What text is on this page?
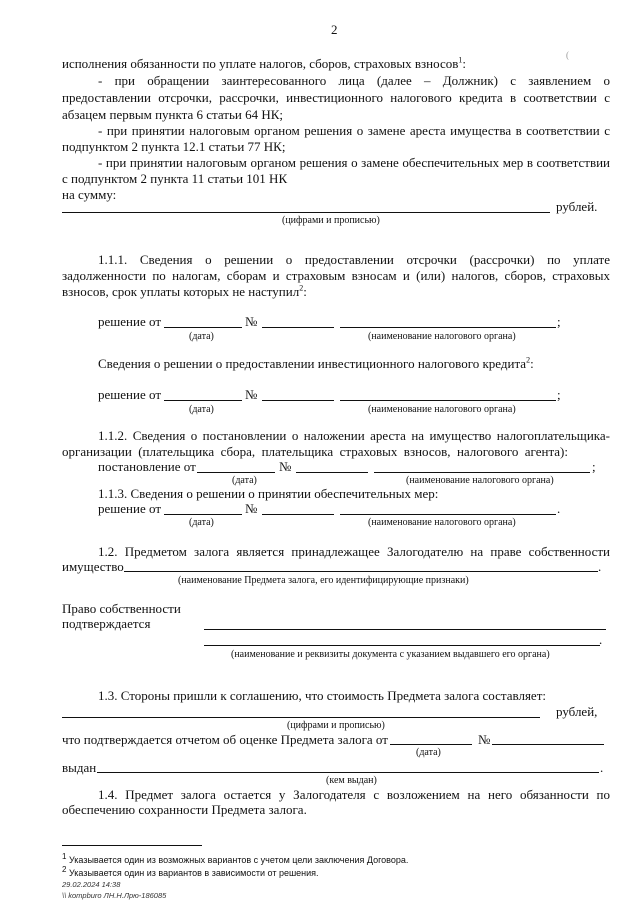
2
(
исполнения обязанности по уплате налогов, сборов, страховых взносов$^1$:
- при обращении заинтересованного лица (далее – Должник) с заявлением о
предоставлении отсрочки, рассрочки, инвестиционного налогового кредита в соответствии с
абзацем первым пункта 6 статьи 64 НК;
- при принятии налоговым органом решения о замене ареста имущества в соответствии с
подпунктом 2 пункта 12.1 статьи 77 НК;
- при принятии налоговым органом решения о замене обеспечительных мер в соответствии
с подпунктом 2 пункта 11 статьи 101 НК
на сумму:
рублей.
(цифрами и прописью)
1.1.1. Сведения о решении о предоставлении отсрочки (рассрочки) по уплате
задолженности по налогам, сборам и страховым взносам и (или) налогов, сборов, страховых
взносов, срок уплаты которых не наступил$^2$:
решение от	№	;
(дата)	(наименование налогового органа)
Сведения о решении о предоставлении инвестиционного налогового кредита$^2$:
решение от	№	;
(дата)	(наименование налогового органа)
1.1.2. Сведения о постановлении о наложении ареста на имущество налогоплательщика-
организации (плательщика сбора, плательщика страховых взносов, налогового агента):
постановление от	№	;
(дата)	(наименование налогового органа)
1.1.3. Сведения о решении о принятии обеспечительных мер:
решение от	№	.
(дата)	(наименование налогового органа)
1.2. Предметом залога является принадлежащее Залогодателю на праве собственности
имущество	.
(наименование Предмета залога, его идентифицирующие признаки)
Право собственности
подтверждается
.
(наименование и реквизиты документа с указанием выдавшего его органа)
1.3. Стороны пришли к соглашению, что стоимость Предмета залога составляет:
рублей,
(цифрами и прописью)
что подтверждается отчетом об оценке Предмета залога от	№
(дата)
выдан	.
(кем выдан)
1.4. Предмет залога остается у Залогодателя с возложением на него обязанности по
обеспечению сохранности Предмета залога.
$^1$ Указывается один из возможных вариантов с учетом цели заключения Договора.
$^2$ Указывается один из вариантов в зависимости от решения.
29.02.2024 14:38
\\ kompburo ЛН.Н.Лрю-186085
